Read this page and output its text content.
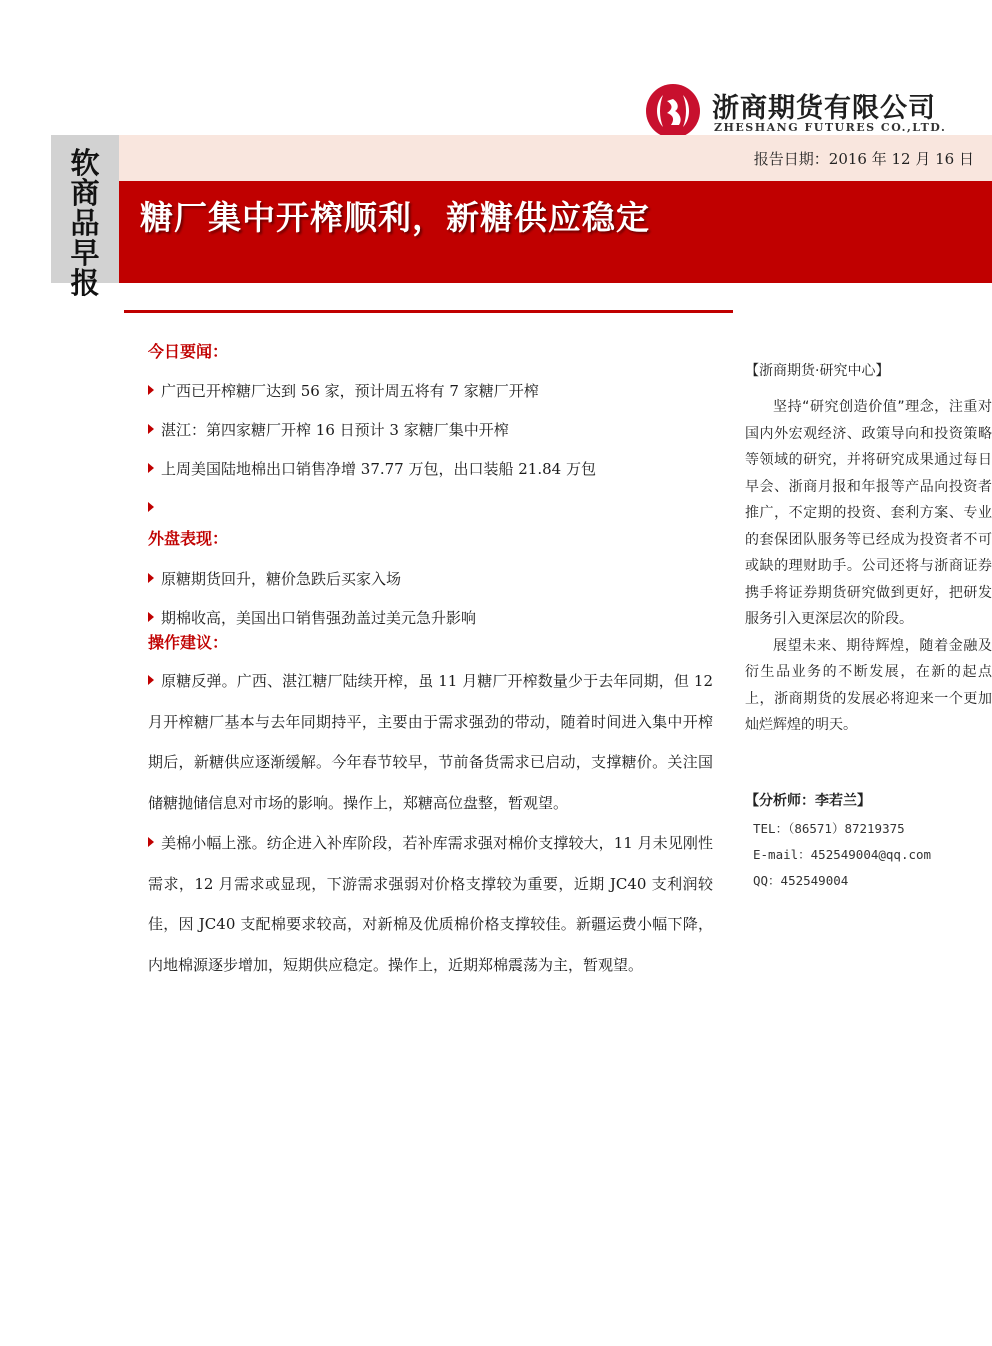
浙商期货有限公司
ZHESHANG FUTURES CO.,LTD.
软
商
品
早
报
报告日期：2016 年 12 月 16 日
糖厂集中开榨顺利，新糖供应稳定

今日要闻：

广西已开榨糖厂达到 56 家，预计周五将有 7 家糖厂开榨

湛江：第四家糖厂开榨 16 日预计 3 家糖厂集中开榨

上周美国陆地棉出口销售净增 37.77 万包，出口装船 21.84 万包

外盘表现：

原糖期货回升，糖价急跌后买家入场

期棉收高，美国出口销售强劲盖过美元急升影响

操作建议：

原糖反弹。广西、湛江糖厂陆续开榨，虽 11 月糖厂开榨数量少于去年同期，但 12 月开榨糖厂基本与去年同期持平，主要由于需求强劲的带动，随着时间进入集中开榨期后，新糖供应逐渐缓解。今年春节较早，节前备货需求已启动，支撑糖价。关注国储糖抛储信息对市场的影响。操作上，郑糖高位盘整，暂观望。

美棉小幅上涨。纺企进入补库阶段，若补库需求强对棉价支撑较大，11 月未见刚性需求，12 月需求或显现，下游需求强弱对价格支撑较为重要，近期 JC40 支利润较佳，因 JC40 支配棉要求较高，对新棉及优质棉价格支撑较佳。新疆运费小幅下降，内地棉源逐步增加，短期供应稳定。操作上，近期郑棉震荡为主，暂观望。

【浙商期货·研究中心】

坚持“研究创造价值”理念，注重对国内外宏观经济、政策导向和投资策略等领域的研究，并将研究成果通过每日早会、浙商月报和年报等产品向投资者推广，不定期的投资、套利方案、专业的套保团队服务等已经成为投资者不可或缺的理财助手。公司还将与浙商证券携手将证券期货研究做到更好，把研发服务引入更深层次的阶段。

展望未来、期待辉煌，随着金融及衍生品业务的不断发展，在新的起点上，浙商期货的发展必将迎来一个更加灿烂辉煌的明天。

【分析师：李若兰】

TEL：（86571）87219375

E-mail：452549004@qq.com

QQ：452549004
